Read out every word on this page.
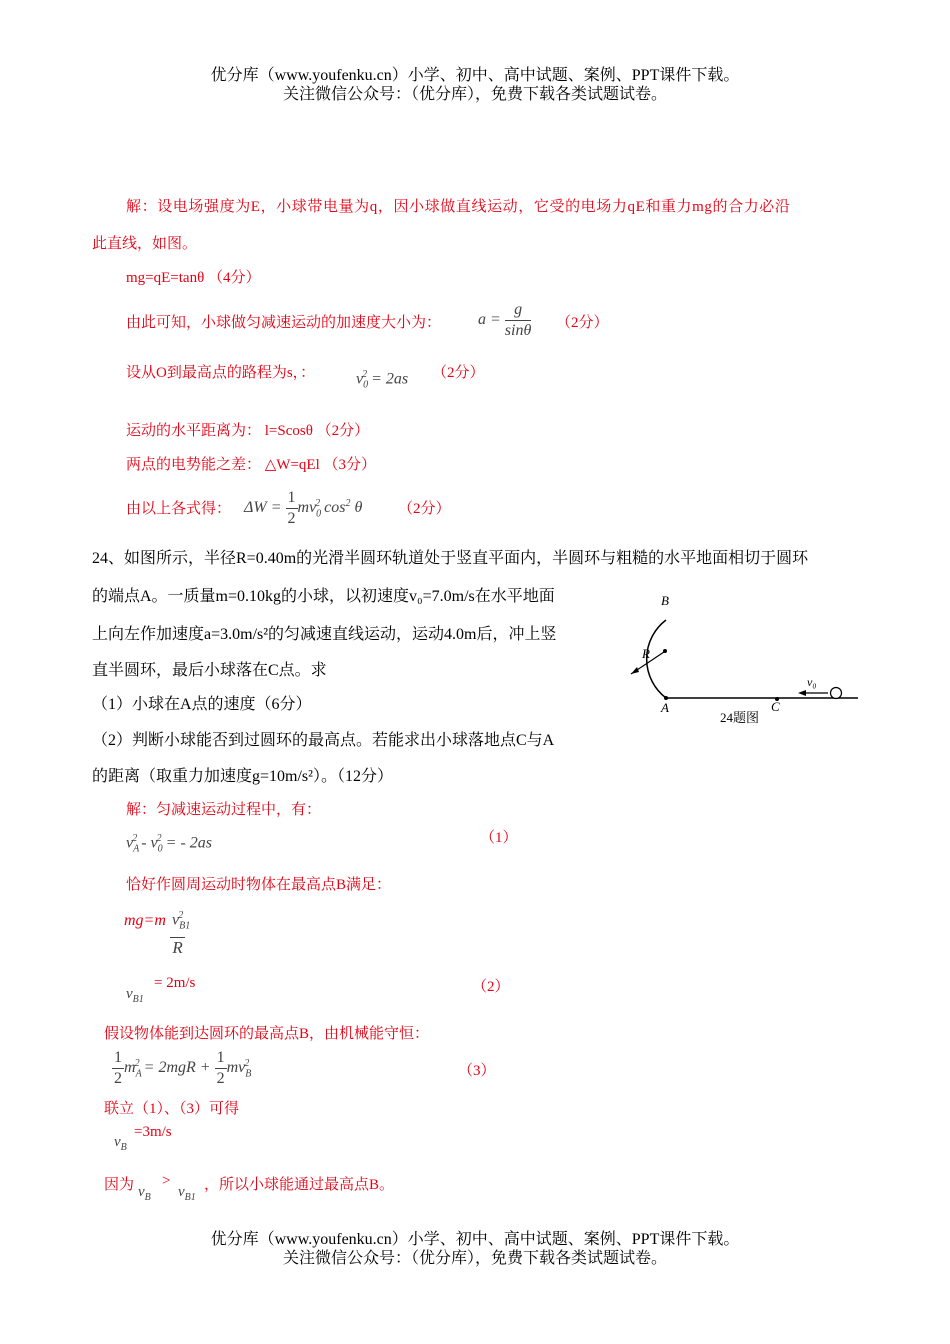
优分库（www.youfenku.cn）小学、初中、高中试题、案例、PPT课件下载。
关注微信公众号：（优分库），免费下载各类试题试卷。
解：设电场强度为E，小球带电量为q，因小球做直线运动，它受的电场力qE和重力mg的合力必沿
此直线，如图。
mg=qE=tanθ （4分）
由此可知，小球做匀减速运动的加速度大小为： $a = \frac{g}{\sin\theta} (2$分）
设从O到最高点的路程为s，：	$v_0^2 = 2as$ （2分）
运动的水平距离为： l=Scosθ （2分）
两点的电势能之差： △W=qEl （3分）
由以上各式得： $\Delta W = \frac{1}{2} mv_0^2$ $\cos^2 \theta$ （2分）
24、如图所示，半径R=0.40m的光滑半圆环轨道处于竖直平面内，半圆环与粗糙的水平地面相切于圆环
的端点A。一质量m=0.10kg的小球，以初速度v₀=7.0m/s在水平地面
上向左作加速度a=3.0m/s²的匀减速直线运动，运动4.0m后，冲上竖
直半圆环，最后小球落在C点。求
（1）小球在A点的速度（6分）
（2）判断小球能否到过圆环的最高点。若能求出小球落地点C与A
的距离（取重力加速度g=10m/s²）。（12分）
B
R
A	C
v₀
24题图
解：匀减速运动过程中，有：
$v_A^2 - v_0^2$ = - 2as	（1）
恰好作圆周运动时物体在最高点B满足：
$mg=m \frac{v_{B1}^2}{R}$
$v_{B1}$
= 2m/s	（2）
假设物体能到达圆环的最高点B，由机械能守恒：
$\frac{1}{2} m_A^2 = 2mgR + \frac{1}{2} mv_B^2$	（3）
联立（1）、（3）可得
$v_B$
=3m/s
因为 $v_B$
>
$v_{B1}$
，所以小球能通过最高点B。
优分库（www.youfenku.cn）小学、初中、高中试题、案例、PPT课件下载。
关注微信公众号：（优分库），免费下载各类试题试卷。
